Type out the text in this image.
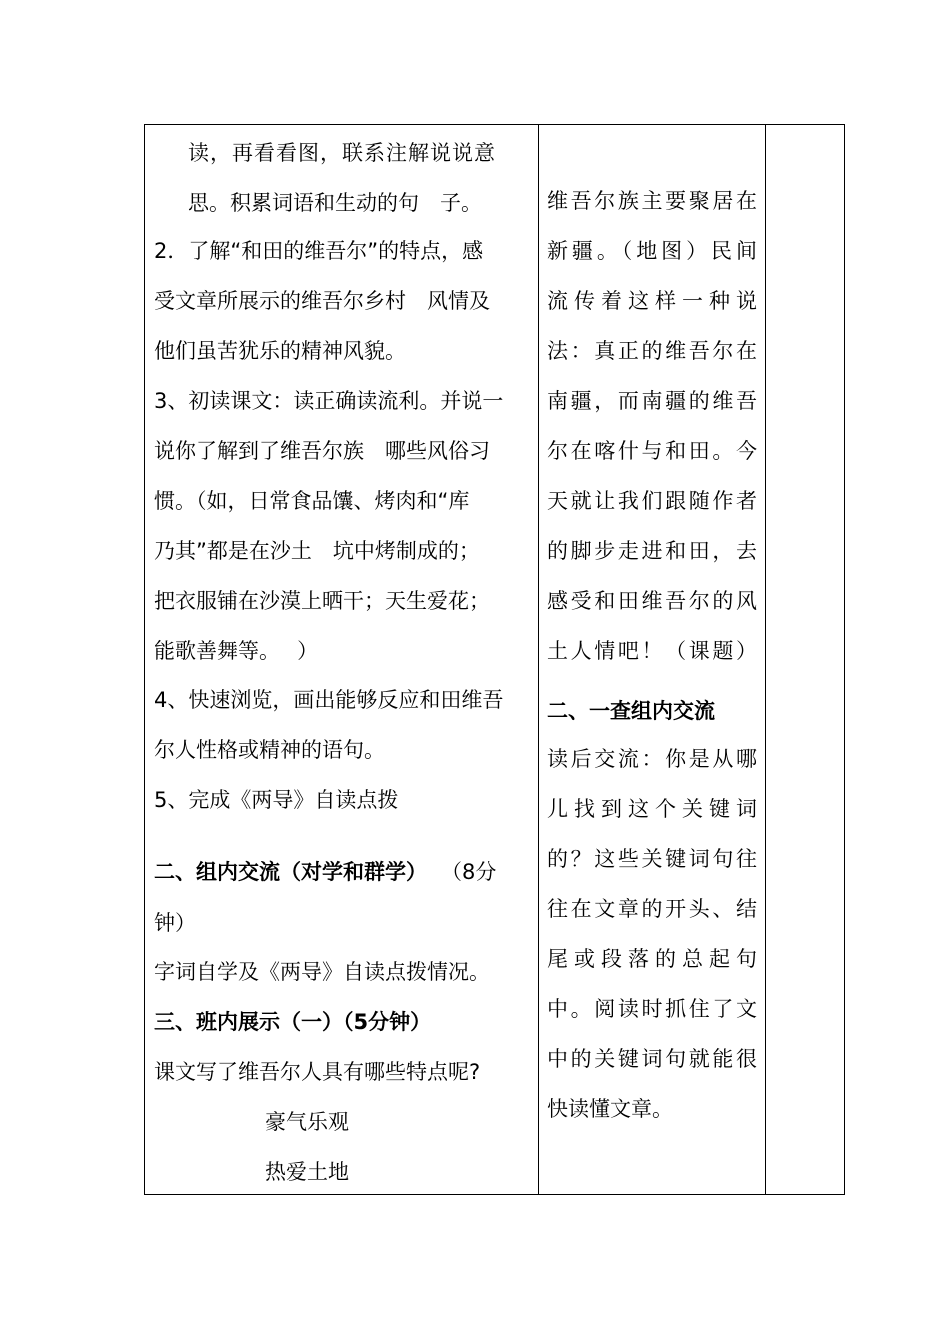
读，再看看图，联系注解说说意
思。积累词语和生动的句　子。
2．了解“和田的维吾尔”的特点，感
受文章所展示的维吾尔乡村　风情及
他们虽苦犹乐的精神风貌。
3、初读课文：读正确读流利。并说一
说你了解到了维吾尔族　哪些风俗习
惯。（如，日常食品馕、烤肉和“库
乃其”都是在沙土　坑中烤制成的；
把衣服铺在沙漠上晒干；天生爱花；
能歌善舞等。　 ）
4、快速浏览，画出能够反应和田维吾
尔人性格或精神的语句。
5、完成《两导》自读点拨
二、组内交流（对学和群学） （8分
钟）
字词自学及《两导》自读点拨情况。
三、班内展示（一）（5分钟）
课文写了维吾尔人具有哪些特点呢?
豪气乐观
热爱土地
维吾尔族主要聚居在
新疆。（地图）民间
流传着这样一种说
法：真正的维吾尔在
南疆，而南疆的维吾
尔在喀什与和田。今
天就让我们跟随作者
的脚步走进和田，去
感受和田维吾尔的风
土人情吧！（课题）
二、一查组内交流
读后交流：你是从哪
儿找到这个关键词
的？这些关键词句往
往在文章的开头、结
尾或段落的总起句
中。阅读时抓住了文
中的关键词句就能很
快读懂文章。
